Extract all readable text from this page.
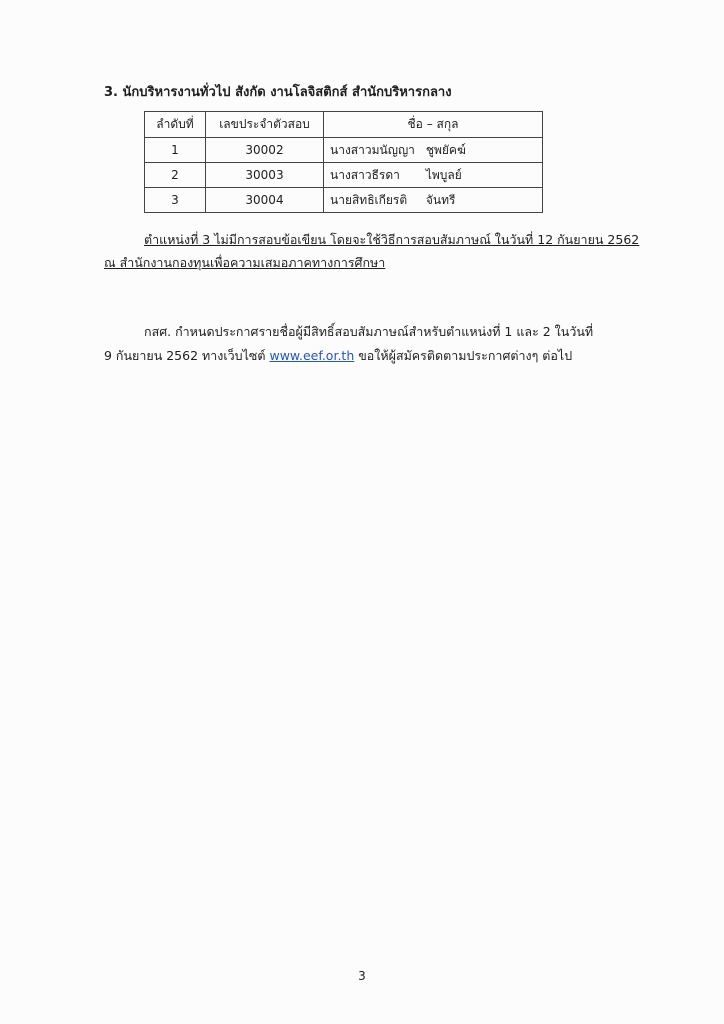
3. นักบริหารงานทั่วไป สังกัด งานโลจิสติกส์ สำนักบริหารกลาง
ลำดับที่	เลขประจำตัวสอบ	ชื่อ – สกุล
1	30002	นางสาวมนัญญา ชูพยัคฆ์
2	30003	นางสาวธีรดา ไพบูลย์
3	30004	นายสิทธิเกียรติ จันทรี
ตำแหน่งที่ 3 ไม่มีการสอบข้อเขียน โดยจะใช้วิธีการสอบสัมภาษณ์ ในวันที่ 12 กันยายน 2562
ณ สำนักงานกองทุนเพื่อความเสมอภาคทางการศึกษา
กสศ. กำหนดประกาศรายชื่อผู้มีสิทธิ์สอบสัมภาษณ์สำหรับตำแหน่งที่ 1 และ 2 ในวันที่
9 กันยายน 2562 ทางเว็บไซต์ www.eef.or.th ขอให้ผู้สมัครติดตามประกาศต่างๆ ต่อไป
3
